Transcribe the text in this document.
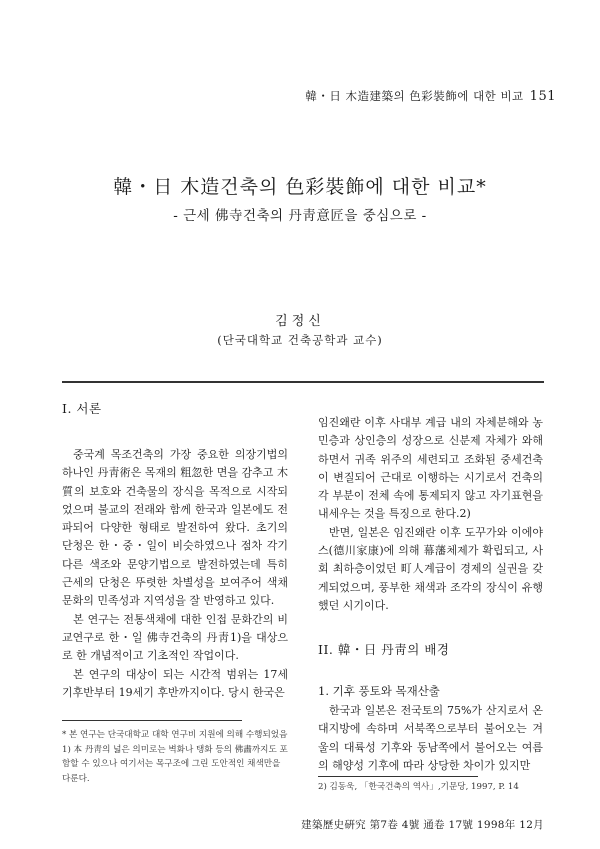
韓・日 木造建築의 色彩裝飾에 대한 비교 151
韓・日 木造건축의 色彩裝飾에 대한 비교*
- 근세 佛寺건축의 丹靑意匠을 중심으로 -
김정신
(단국대학교 건축공학과 교수)
I. 서론

중국계 목조건축의 가장 중요한 의장기법의 하나인 丹靑術은 목재의 粗忽한 면을 감추고 木質의 보호와 건축물의 장식을 목적으로 시작되었으며 불교의 전래와 함께 한국과 일본에도 전파되어 다양한 형태로 발전하여 왔다. 초기의 단청은 한・중・일이 비슷하였으나 점차 각기 다른 색조와 문양기법으로 발전하였는데 특히 근세의 단청은 뚜렷한 차별성을 보여주어 색채문화의 민족성과 지역성을 잘 반영하고 있다.

본 연구는 전통색채에 대한 인접 문화간의 비교연구로 한・일 佛寺건축의 丹靑1)을 대상으로 한 개념적이고 기초적인 작업이다.

본 연구의 대상이 되는 시간적 범위는 17세기후반부터 19세기 후반까지이다. 당시 한국은

* 본 연구는 단국대학교 대학 연구비 지원에 의해 수행되었음

1) 本 丹靑의 넓은 의미로는 벽화나 탱화 등의 佛畵까지도 포함할 수 있으나 여기서는 목구조에 그린 도안적인 채색만을 다룬다.

임진왜란 이후 사대부 계급 내의 자체분해와 농민층과 상인층의 성장으로 신분제 자체가 와해하면서 귀족 위주의 세련되고 조화된 중세건축이 변질되어 근대로 이행하는 시기로서 건축의 각 부분이 전체 속에 통제되지 않고 자기표현을 내세우는 것을 특징으로 한다.2)

반면, 일본은 임진왜란 이후 도꾸가와 이에야스(德川家康)에 의해 幕藩체제가 확립되고, 사회 최하층이었던 町人계급이 경제의 실권을 갖게되었으며, 풍부한 채색과 조각의 장식이 유행했던 시기이다.

II. 韓・日 丹靑의 배경
1. 기후 풍토와 목재산출

한국과 일본은 전국토의 75%가 산지로서 온대지방에 속하며 서북쪽으로부터 불어오는 겨울의 대륙성 기후와 동남쪽에서 불어오는 여름의 해양성 기후에 따라 상당한 차이가 있지만

2) 김동욱, 「한국건축의 역사」,기문당, 1997, P. 14

建築歷史硏究 第7卷 4號 通卷 17號 1998年 12月
